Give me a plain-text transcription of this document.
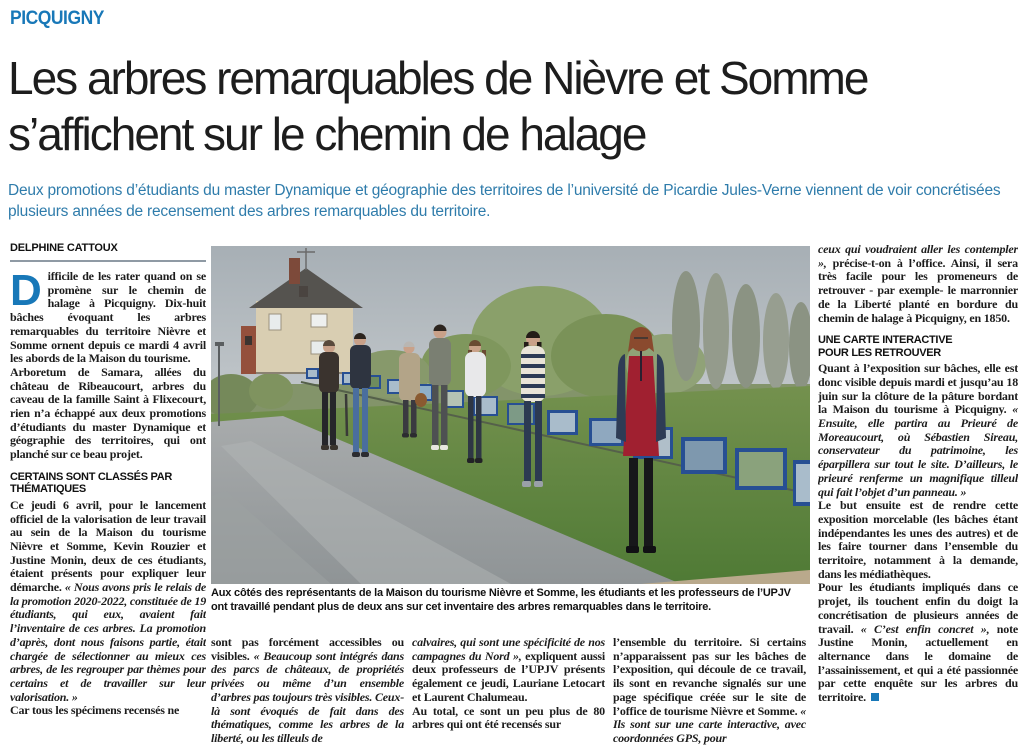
PICQUIGNY
Les arbres remarquables de Nièvre et Somme s’affichent sur le chemin de halage
Deux promotions d’étudiants du master Dynamique et géographie des territoires de l’université de Picardie Jules-Verne viennent de voir concrétisées plusieurs années de recensement des arbres remarquables du territoire.
DELPHINE CATTOUX

Difficile de les rater quand on se promène sur le chemin de halage à Picquigny. Dix-huit bâches évoquant les arbres remarquables du territoire Nièvre et Somme ornent depuis ce mardi 4 avril les abords de la Maison du tourisme.

Arboretum de Samara, allées du château de Ribeaucourt, arbres du caveau de la famille Saint à Flixecourt, rien n’a échappé aux deux promotions d’étudiants du master Dynamique et géographie des territoires, qui ont planché sur ce beau projet.

CERTAINS SONT CLASSÉS PAR THÉMATIQUES

Ce jeudi 6 avril, pour le lancement officiel de la valorisation de leur travail au sein de la Maison du tourisme Nièvre et Somme, Kevin Rouzier et Justine Monin, deux de ces étudiants, étaient présents pour expliquer leur démarche. « Nous avons pris le relais de la promotion 2020-2022, constituée de 19 étudiants, qui eux, avaient fait l’inventaire de ces arbres. La promotion d’après, dont nous faisons partie, était chargée de sélectionner au mieux ces arbres, de les regrouper par thèmes pour certains et de travailler sur leur valorisation. »

Car tous les spécimens recensés ne

Aux côtés des représentants de la Maison du tourisme Nièvre et Somme, les étudiants et les professeurs de l’UPJV ont travaillé pendant plus de deux ans sur cet inventaire des arbres remarquables dans le territoire.

sont pas forcément accessibles ou visibles. « Beaucoup sont intégrés dans des parcs de châteaux, de propriétés privées ou même d’un ensemble d’arbres pas toujours très visibles. Ceux-là sont évoqués de fait dans des thématiques, comme les arbres de la liberté, ou les tilleuls de

calvaires, qui sont une spécificité de nos campagnes du Nord », expliquent aussi deux professeurs de l’UPJV présents également ce jeudi, Lauriane Letocart et Laurent Chalumeau.

Au total, ce sont un peu plus de 80 arbres qui ont été recensés sur

l’ensemble du territoire. Si certains n’apparaissent pas sur les bâches de l’exposition, qui découle de ce travail, ils sont en revanche signalés sur une page spécifique créée sur le site de l’office de tourisme Nièvre et Somme. « Ils sont sur une carte interactive, avec coordonnées GPS, pour

ceux qui voudraient aller les contempler », précise-t-on à l’office. Ainsi, il sera très facile pour les promeneurs de retrouver - par exemple- le marronnier de la Liberté planté en bordure du chemin de halage à Picquigny, en 1850.

UNE CARTE INTERACTIVE POUR LES RETROUVER

Quant à l’exposition sur bâches, elle est donc visible depuis mardi et jusqu’au 18 juin sur la clôture de la pâture bordant la Maison du tourisme à Picquigny. « Ensuite, elle partira au Prieuré de Moreaucourt, où Sébastien Sireau, conservateur du patrimoine, les éparpillera sur tout le site. D’ailleurs, le prieuré renferme un magnifique tilleul qui fait l’objet d’un panneau. »

Le but ensuite est de rendre cette exposition morcelable (les bâches étant indépendantes les unes des autres) et de les faire tourner dans l’ensemble du territoire, notamment à la demande, dans les médiathèques.

Pour les étudiants impliqués dans ce projet, ils touchent enfin du doigt la concrétisation de plusieurs années de travail. « C’est enfin concret », note Justine Monin, actuellement en alternance dans le domaine de l’assainissement, et qui a été passionnée par cette enquête sur les arbres du territoire.
